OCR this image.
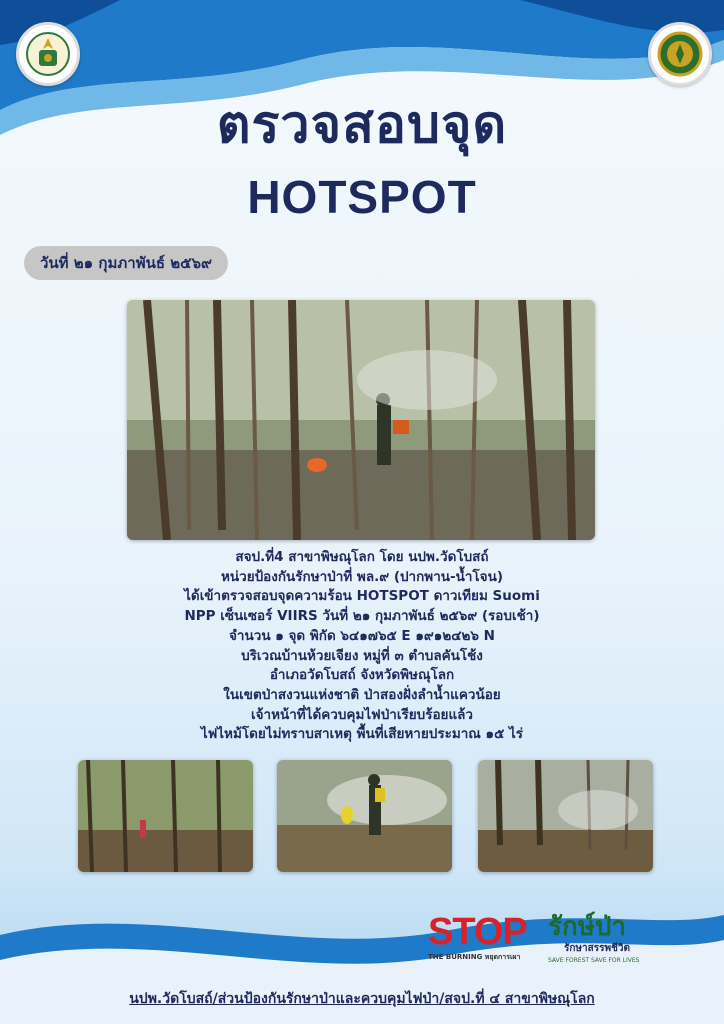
ตรวจสอบจุด
HOTSPOT
วันที่ ๒๑ กุมภาพันธ์ ๒๕๖๙
สจป.ที่4 สาขาพิษณุโลก โดย นปพ.วัดโบสถ์
หน่วยป้องกันรักษาป่าที่ พล.๙ (ปากพาน-น้ำโจน)
ได้เข้าตรวจสอบจุดความร้อน HOTSPOT ดาวเทียม Suomi
NPP เซ็นเซอร์ VIIRS วันที่ ๒๑ กุมภาพันธ์ ๒๕๖๙ (รอบเช้า)
จำนวน ๑ จุด พิกัด ๖๔๑๗๖๕ E ๑๙๑๒๔๒๖ N
บริเวณบ้านห้วยเจียง หมู่ที่ ๓ ตำบลคันโช้ง
อำเภอวัดโบสถ์ จังหวัดพิษณุโลก
ในเขตป่าสงวนแห่งชาติ ป่าสองฝั่งลำน้ำแควน้อย
เจ้าหน้าที่ได้ควบคุมไฟป่าเรียบร้อยแล้ว
ไฟไหม้โดยไม่ทราบสาเหตุ พื้นที่เสียหายประมาณ ๑๕ ไร่
STOP
THE BURNING หยุดการเผา
รักษ์ป่า
รักษาสรรพชีวิต
SAVE FOREST SAVE FOR LIVES
นปพ.วัดโบสถ์/ส่วนป้องกันรักษาป่าและควบคุมไฟป่า/สจป.ที่ ๔ สาขาพิษณุโลก
